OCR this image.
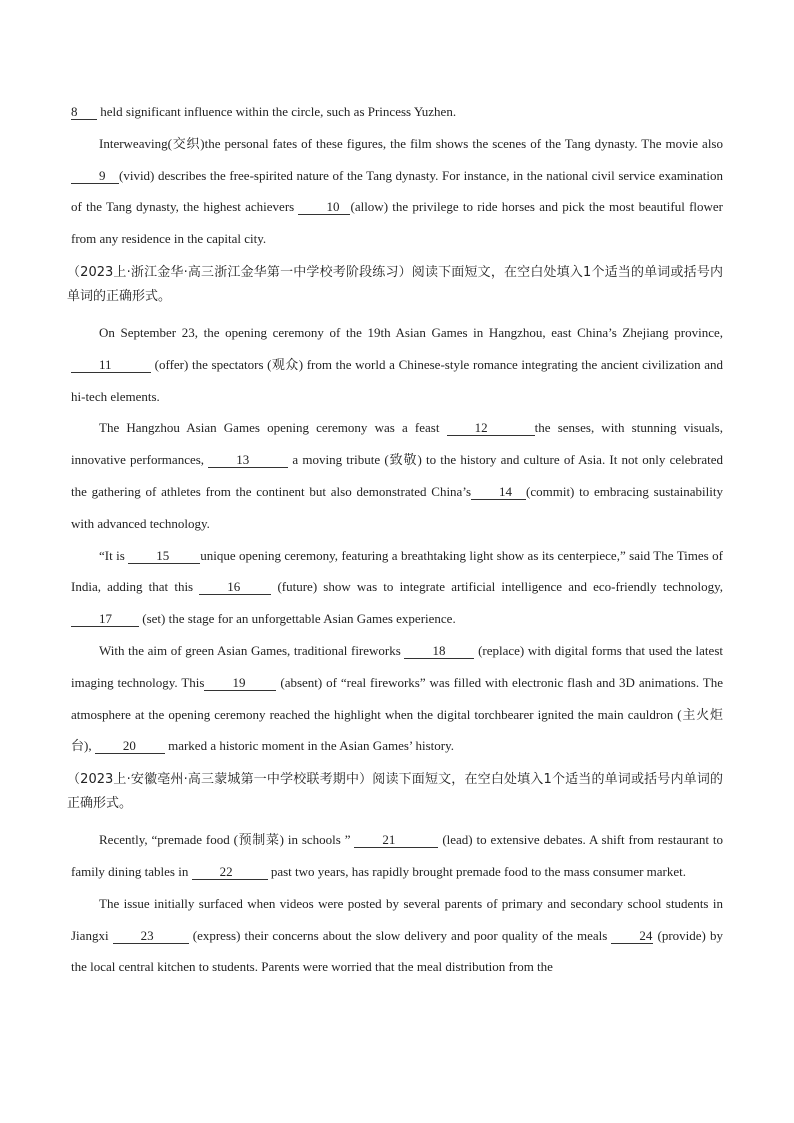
8 held significant influence within the circle, such as Princess Yuzhen.

Interweaving(交织)the personal fates of these figures, the film shows the scenes of the Tang dynasty. The movie also 9 (vivid) describes the free-spirited nature of the Tang dynasty. For instance, in the national civil service examination of the Tang dynasty, the highest achievers 10 (allow) the privilege to ride horses and pick the most beautiful flower from any residence in the capital city.

（2023上·浙江金华·高三浙江金华第一中学校考阶段练习）阅读下面短文，在空白处填入1个适当的单词或括号内单词的正确形式。

On September 23, the opening ceremony of the 19th Asian Games in Hangzhou, east China’s Zhejiang province, 11	(offer) the spectators (观众) from the world a Chinese-style romance integrating the ancient civilization and hi-tech elements.

The Hangzhou Asian Games opening ceremony was a feast 12	the senses, with stunning visuals, innovative performances, 13	a moving tribute (致敬) to the history and culture of Asia. It not only celebrated the gathering of athletes from the continent but also demonstrated China’s 14 (commit) to embracing sustainability with advanced technology.

“It is 15 unique opening ceremony, featuring a breathtaking light show as its centerpiece,” said The Times of India, adding that this 16 (future) show was to integrate artificial intelligence and eco-friendly technology, 17 (set) the stage for an unforgettable Asian Games experience.

With the aim of green Asian Games, traditional fireworks 18 (replace) with digital forms that used the latest imaging technology. This 19 (absent) of “real fireworks” was filled with electronic flash and 3D animations. The atmosphere at the opening ceremony reached the highlight when the digital torchbearer ignited the main cauldron (主火炬台), 20 marked a historic moment in the Asian Games’ history.

（2023上·安徽亳州·高三蒙城第一中学校联考期中）阅读下面短文，在空白处填入1个适当的单词或括号内单词的正确形式。

Recently, “premade food (预制菜) in schools ” 21	(lead) to extensive debates. A shift from restaurant to family dining tables in 22	past two years, has rapidly brought premade food to the mass consumer market.

The issue initially surfaced when videos were posted by several parents of primary and secondary school students in Jiangxi 23	(express) their concerns about the slow delivery and poor quality of the meals 24 (provide) by the local central kitchen to students. Parents were worried that the meal distribution from the
